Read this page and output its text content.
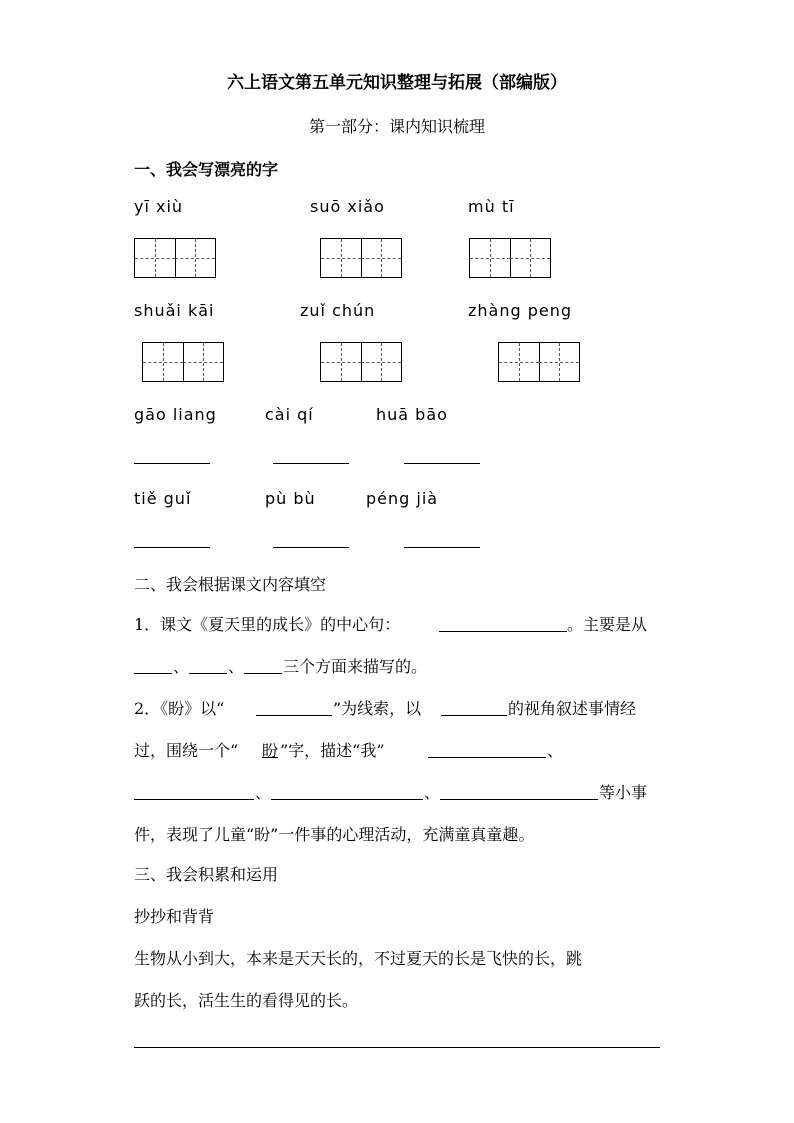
六上语文第五单元知识整理与拓展（部编版）
第一部分：课内知识梳理
一、我会写漂亮的字
yī xiù	suō xiǎo	mù tī
shuǎi kāi	zuǐ chún	zhàng peng
gāo liang	cài qí	huā bāo
tiě guǐ	pù bù	péng jià
二、我会根据课文内容填空
1．课文《夏天里的成长》的中心句：	。主要是从
、 、 三个方面来描写的。
2．《盼》以“	”为线索，以	的视角叙述事情经
过，围绕一个“ 盼 ”字，描述“我”	、
、	、	等小事
件，表现了儿童“盼”一件事的心理活动，充满童真童趣。
三、我会积累和运用
抄抄和背背
生物从小到大，本来是天天长的，不过夏天的长是飞快的长，跳
跃的长，活生生的看得见的长。
